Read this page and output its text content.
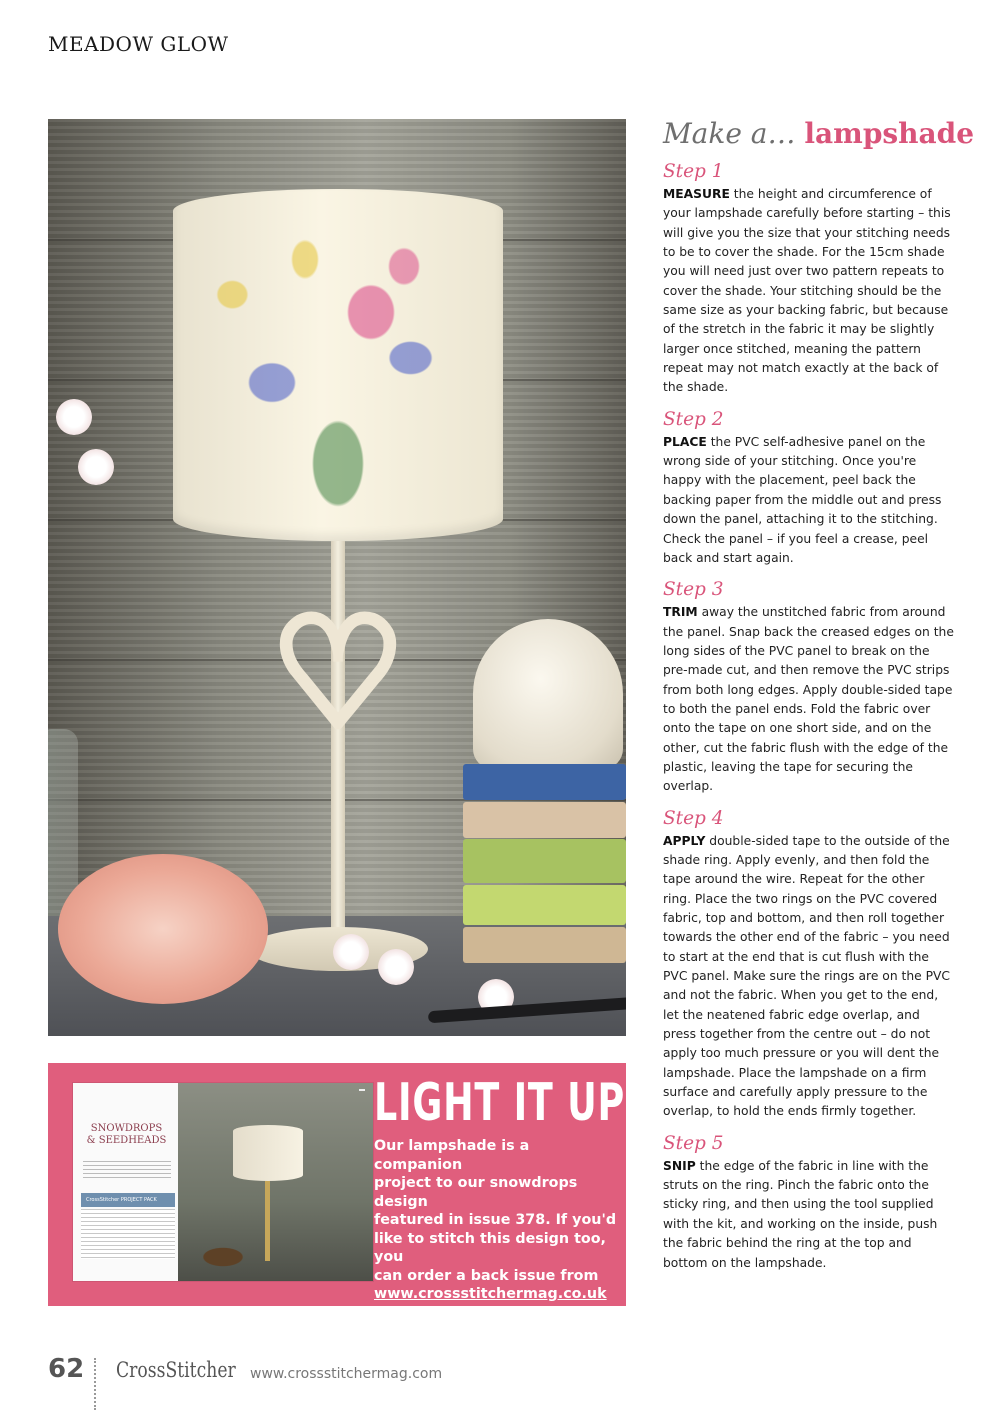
MEADOW GLOW
♡
SNOWDROPS
& SEEDHEADS
CrossStitcher PROJECT PACK
LIGHT IT UP!
Our lampshade is a companion
project to our snowdrops design
featured in issue 378. If you'd
like to stitch this design too, you
can order a back issue from
www.crossstitchermag.co.uk
or download a digital edition
from pocketmags.com.
Make a… lampshade
Step 1
MEASURE the height and circumference of your lampshade carefully before starting – this will give you the size that your stitching needs to be to cover the shade. For the 15cm shade you will need just over two pattern repeats to cover the shade. Your stitching should be the same size as your backing fabric, but because of the stretch in the fabric it may be slightly larger once stitched, meaning the pattern repeat may not match exactly at the back of the shade.
Step 2
PLACE the PVC self-adhesive panel on the wrong side of your stitching. Once you're happy with the placement, peel back the backing paper from the middle out and press down the panel, attaching it to the stitching. Check the panel – if you feel a crease, peel back and start again.
Step 3
TRIM away the unstitched fabric from around the panel. Snap back the creased edges on the long sides of the PVC panel to break on the pre-made cut, and then remove the PVC strips from both long edges. Apply double-sided tape to both the panel ends. Fold the fabric over onto the tape on one short side, and on the other, cut the fabric flush with the edge of the plastic, leaving the tape for securing the overlap.
Step 4
APPLY double-sided tape to the outside of the shade ring. Apply evenly, and then fold the tape around the wire. Repeat for the other ring. Place the two rings on the PVC covered fabric, top and bottom, and then roll together towards the other end of the fabric – you need to start at the end that is cut flush with the PVC panel. Make sure the rings are on the PVC and not the fabric. When you get to the end, let the neatened fabric edge overlap, and press together from the centre out – do not apply too much pressure or you will dent the lampshade. Place the lampshade on a firm surface and carefully apply pressure to the overlap, to hold the ends firmly together.
Step 5
SNIP the edge of the fabric in line with the struts on the ring. Pinch the fabric onto the sticky ring, and then using the tool supplied with the kit, and working on the inside, push the fabric behind the ring at the top and bottom on the lampshade.
62 CrossStitcher www.crossstitchermag.com
